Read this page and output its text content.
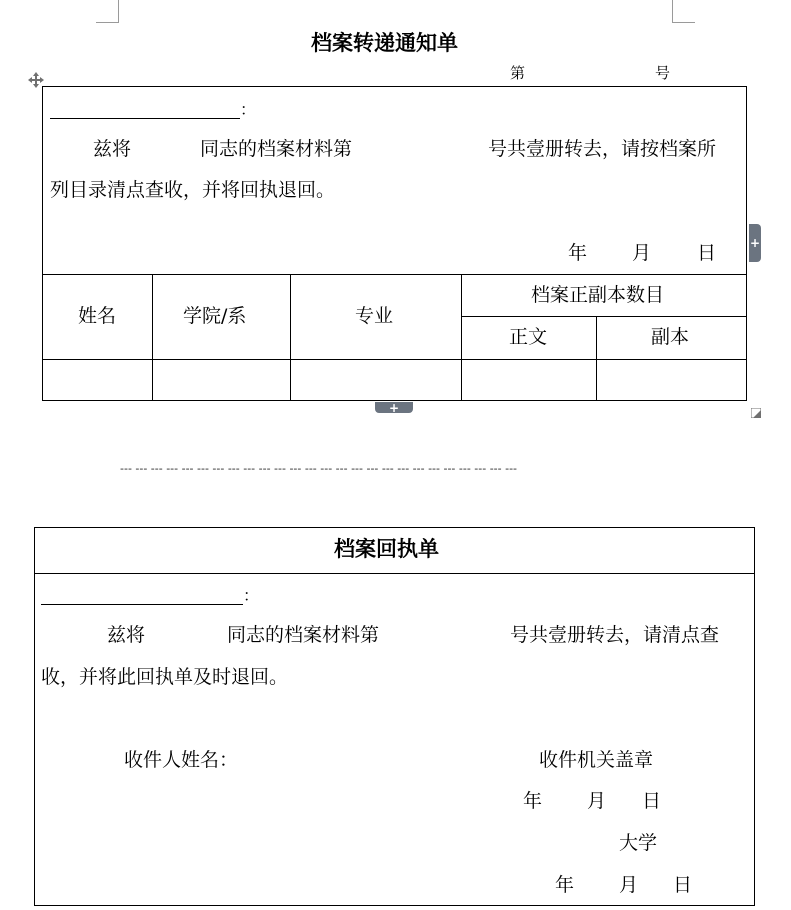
档案转递通知单
第	号
：
兹将	同志的档案材料第	号共壹册转去，请按档案所
列目录清点查收，并将回执退回。
年 月 日
姓名	学院/系	专业
档案正副本数目
正文	副本
+
+
--- --- --- --- --- --- --- --- --- --- --- --- --- --- --- --- --- --- --- --- --- --- --- --- --- ---
档案回执单
：
兹将	同志的档案材料第	号共壹册转去，请清点查
收，并将此回执单及时退回。
收件人姓名：	收件机关盖章
年 月 日
大学
年 月 日
